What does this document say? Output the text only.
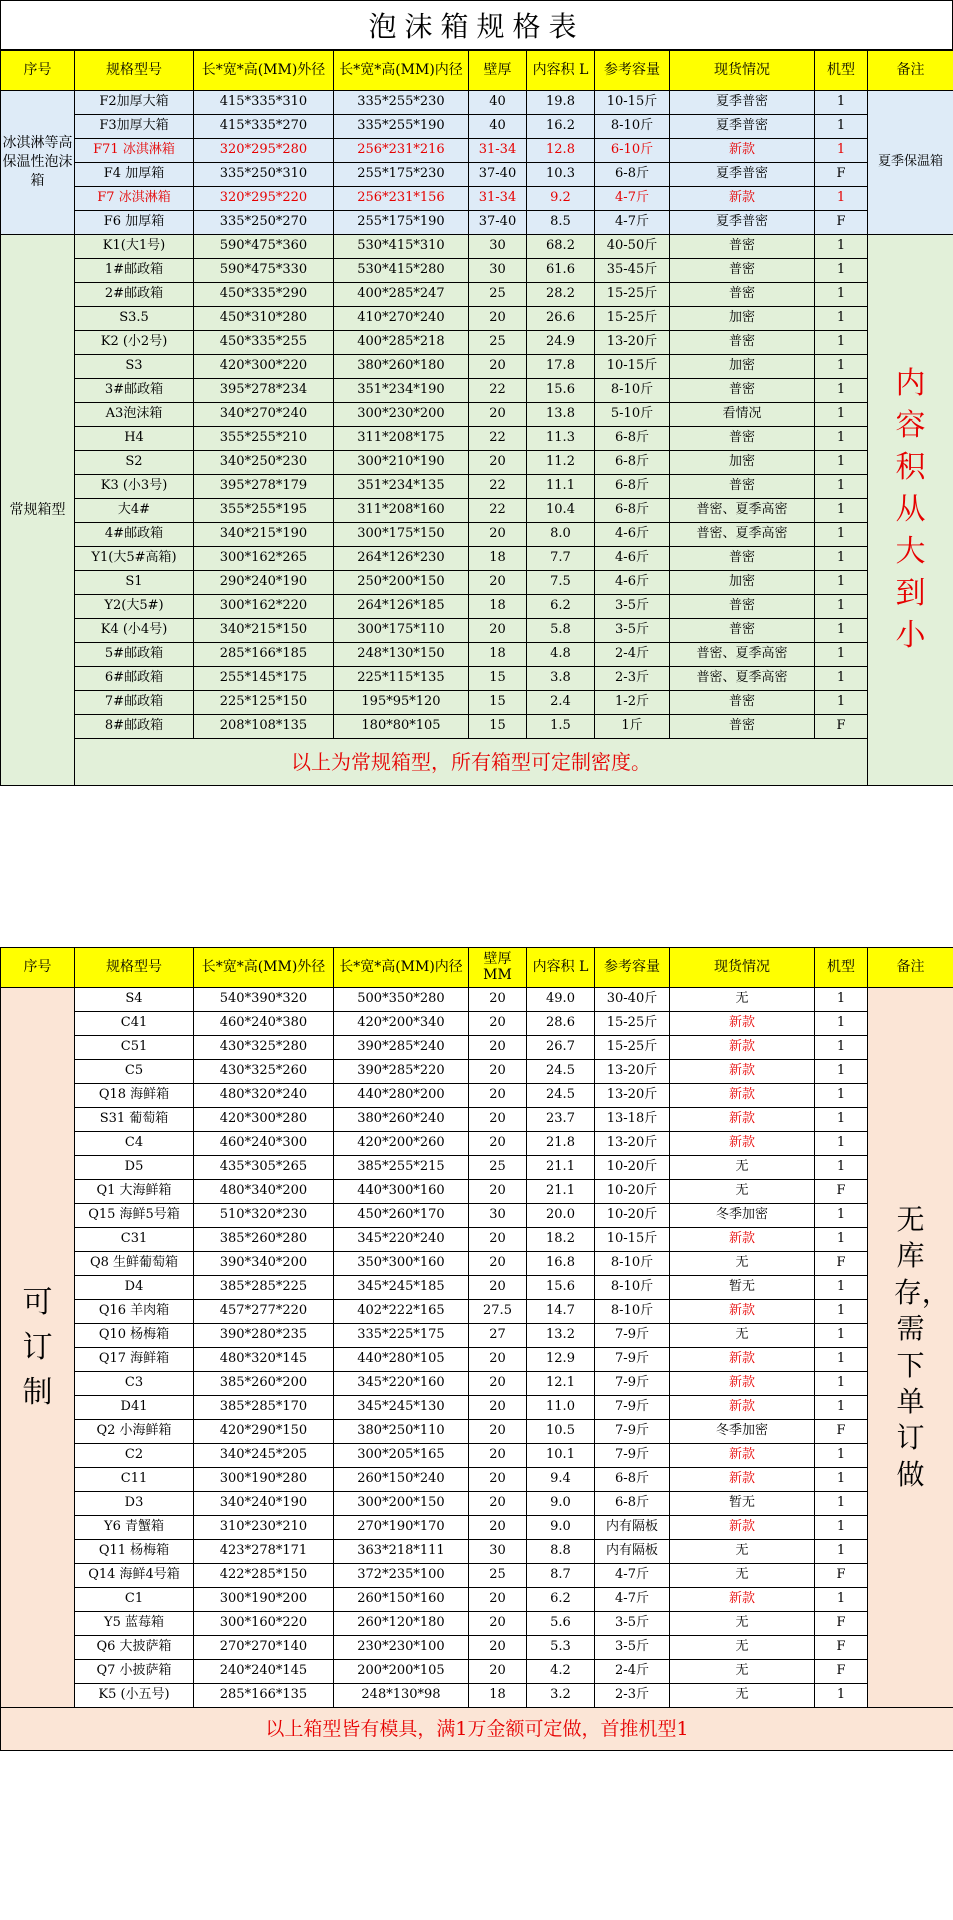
泡沫箱规格表
序号	规格型号	长*宽*高(MM)外径	长*宽*高(MM)内径	壁厚	内容积 L	参考容量	现货情况	机型	备注
冰淇淋等高保温性泡沫箱	F2加厚大箱	415*335*310	335*255*230	40	19.8	10-15斤	夏季普密	1	夏季保温箱
	F3加厚大箱	415*335*270	335*255*190	40	16.2	8-10斤	夏季普密	1	
	F71 冰淇淋箱	320*295*280	256*231*216	31-34	12.8	6-10斤	新款	1	
	F4 加厚箱	335*250*310	255*175*230	37-40	10.3	6-8斤	夏季普密	F	
	F7 冰淇淋箱	320*295*220	256*231*156	31-34	9.2	4-7斤	新款	1	
	F6 加厚箱	335*250*270	255*175*190	37-40	8.5	4-7斤	夏季普密	F	
常规箱型	K1(大1号)	590*475*360	530*415*310	30	68.2	40-50斤	普密	1	内容积从大到小

	1#邮政箱	590*475*330	530*415*280	30	61.6	35-45斤	普密	1	
	2#邮政箱	450*335*290	400*285*247	25	28.2	15-25斤	普密	1	
	S3.5	450*310*280	410*270*240	20	26.6	15-25斤	加密	1	
	K2 (小2号)	450*335*255	400*285*218	25	24.9	13-20斤	普密	1	
	S3	420*300*220	380*260*180	20	17.8	10-15斤	加密	1	
	3#邮政箱	395*278*234	351*234*190	22	15.6	8-10斤	普密	1	
	A3泡沫箱	340*270*240	300*230*200	20	13.8	5-10斤	看情况	1	
	H4	355*255*210	311*208*175	22	11.3	6-8斤	普密	1	
	S2	340*250*230	300*210*190	20	11.2	6-8斤	加密	1	
	K3 (小3号)	395*278*179	351*234*135	22	11.1	6-8斤	普密	1	
	大4#	355*255*195	311*208*160	22	10.4	6-8斤	普密、夏季高密	1	
	4#邮政箱	340*215*190	300*175*150	20	8.0	4-6斤	普密、夏季高密	1	
	Y1(大5#高箱)	300*162*265	264*126*230	18	7.7	4-6斤	普密	1	
	S1	290*240*190	250*200*150	20	7.5	4-6斤	加密	1	
	Y2(大5#)	300*162*220	264*126*185	18	6.2	3-5斤	普密	1	
	K4 (小4号)	340*215*150	300*175*110	20	5.8	3-5斤	普密	1	
	5#邮政箱	285*166*185	248*130*150	18	4.8	2-4斤	普密、夏季高密	1	
	6#邮政箱	255*145*175	225*115*135	15	3.8	2-3斤	普密、夏季高密	1	
	7#邮政箱	225*125*150	195*95*120	15	2.4	1-2斤	普密	1	
	8#邮政箱	208*108*135	180*80*105	15	1.5	1斤	普密	F	
	以上为常规箱型，所有箱型可定制密度。								
序号	规格型号	长*宽*高(MM)外径	长*宽*高(MM)内径	壁厚 MM	内容积 L	参考容量	现货情况	机型	备注

可订制	S4	540*390*320	500*350*280	20	49.0	30-40斤	无	1	无库存，需下单订做

	C41	460*240*380	420*200*340	20	28.6	15-25斤	新款	1	
	C51	430*325*280	390*285*240	20	26.7	15-25斤	新款	1	
	C5	430*325*260	390*285*220	20	24.5	13-20斤	新款	1	
	Q18 海鲜箱	480*320*240	440*280*200	20	24.5	13-20斤	新款	1	
	S31 葡萄箱	420*300*280	380*260*240	20	23.7	13-18斤	新款	1	
	C4	460*240*300	420*200*260	20	21.8	13-20斤	新款	1	
	D5	435*305*265	385*255*215	25	21.1	10-20斤	无	1	
	Q1 大海鲜箱	480*340*200	440*300*160	20	21.1	10-20斤	无	F	
	Q15 海鲜5号箱	510*320*230	450*260*170	30	20.0	10-20斤	冬季加密	1	
	C31	385*260*280	345*220*240	20	18.2	10-15斤	新款	1	
	Q8 生鲜葡萄箱	390*340*200	350*300*160	20	16.8	8-10斤	无	F	
	D4	385*285*225	345*245*185	20	15.6	8-10斤	暂无	1	
	Q16 羊肉箱	457*277*220	402*222*165	27.5	14.7	8-10斤	新款	1	
	Q10 杨梅箱	390*280*235	335*225*175	27	13.2	7-9斤	无	1	
	Q17 海鲜箱	480*320*145	440*280*105	20	12.9	7-9斤	新款	1	
	C3	385*260*200	345*220*160	20	12.1	7-9斤	新款	1	
	D41	385*285*170	345*245*130	20	11.0	7-9斤	新款	1	
	Q2 小海鲜箱	420*290*150	380*250*110	20	10.5	7-9斤	冬季加密	F	
	C2	340*245*205	300*205*165	20	10.1	7-9斤	新款	1	
	C11	300*190*280	260*150*240	20	9.4	6-8斤	新款	1	
	D3	340*240*190	300*200*150	20	9.0	6-8斤	暂无	1	
	Y6 青蟹箱	310*230*210	270*190*170	20	9.0	内有隔板	新款	1	
	Q11 杨梅箱	423*278*171	363*218*111	30	8.8	内有隔板	无	1	
	Q14 海鲜4号箱	422*285*150	372*235*100	25	8.7	4-7斤	无	F	
	C1	300*190*200	260*150*160	20	6.2	4-7斤	新款	1	
	Y5 蓝莓箱	300*160*220	260*120*180	20	5.6	3-5斤	无	F	
	Q6 大披萨箱	270*270*140	230*230*100	20	5.3	3-5斤	无	F	
	Q7 小披萨箱	240*240*145	200*200*105	20	4.2	2-4斤	无	F	
	K5 (小五号)	285*166*135	248*130*98	18	3.2	2-3斤	无	1	
以上箱型皆有模具，满1万金额可定做，首推机型1									
